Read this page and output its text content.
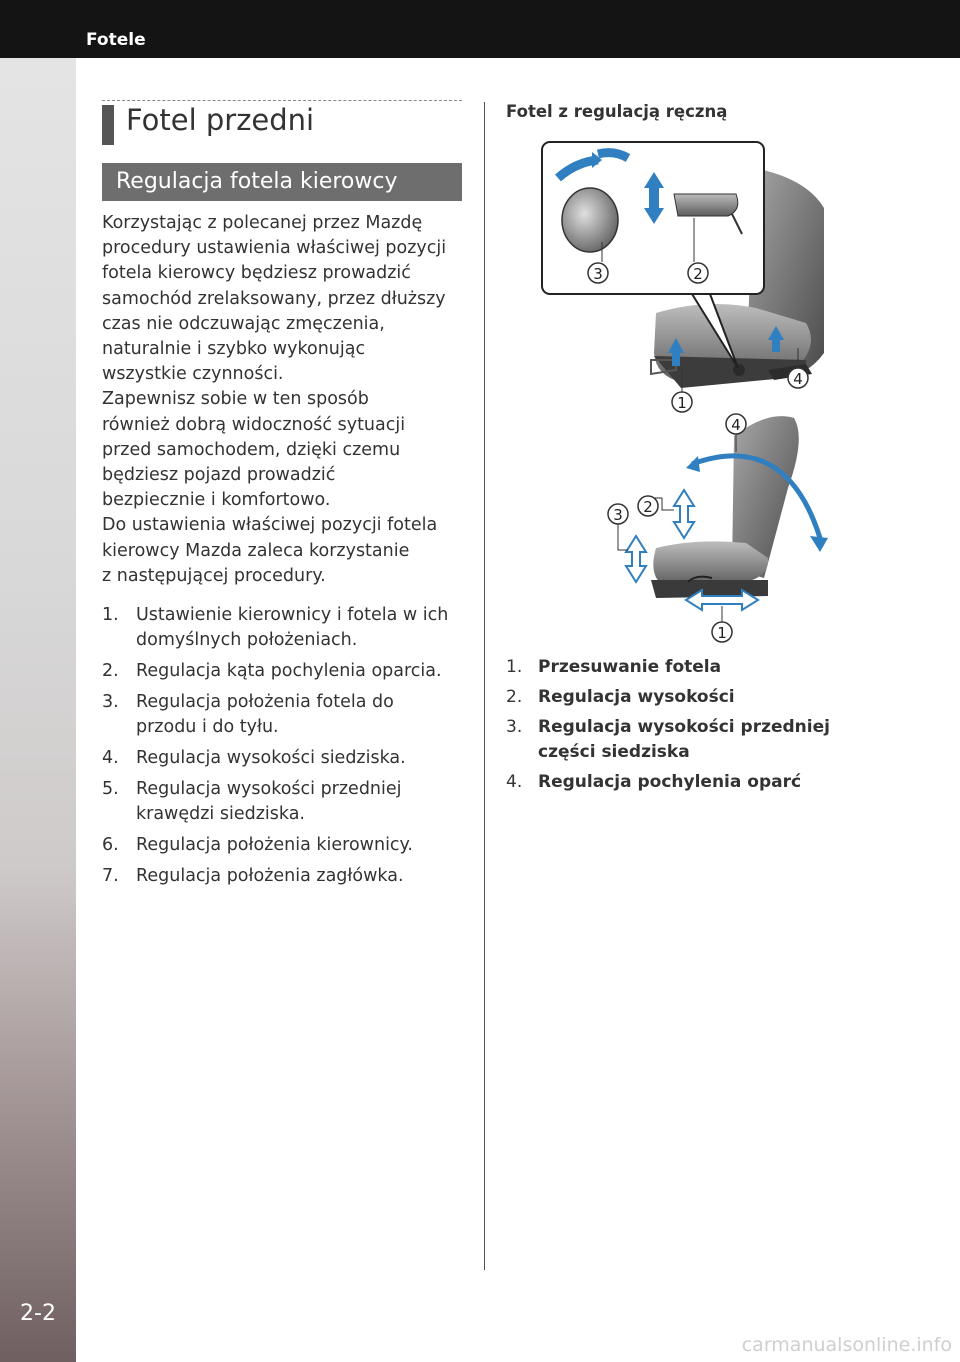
Fotele
2-2
Fotel przedni
Regulacja fotela kierowcy

Korzystając z polecanej przez Mazdę
procedury ustawienia właściwej pozycji
fotela kierowcy będziesz prowadzić
samochód zrelaksowany, przez dłuższy
czas nie odczuwając zmęczenia,
naturalnie i szybko wykonując
wszystkie czynności.

Zapewnisz sobie w ten sposób
również dobrą widoczność sytuacji
przed samochodem, dzięki czemu
będziesz pojazd prowadzić
bezpiecznie i komfortowo.

Do ustawienia właściwej pozycji fotela
kierowcy Mazda zaleca korzystanie
z następującej procedury.

1. Ustawienie kierownicy i fotela w ich
domyślnych położeniach.
2. Regulacja kąta pochylenia oparcia.
3. Regulacja położenia fotela do
przodu i do tyłu.
4. Regulacja wysokości siedziska.
5. Regulacja wysokości przedniej
krawędzi siedziska.
6. Regulacja położenia kierownicy.
7. Regulacja położenia zagłówka.
Fotel z regulacją ręczną
3	2
1
4
4
2
3
1
1. Przesuwanie fotela
2. Regulacja wysokości
3. Regulacja wysokości przedniej
części siedziska
4. Regulacja pochylenia oparć
carmanualsonline.info
